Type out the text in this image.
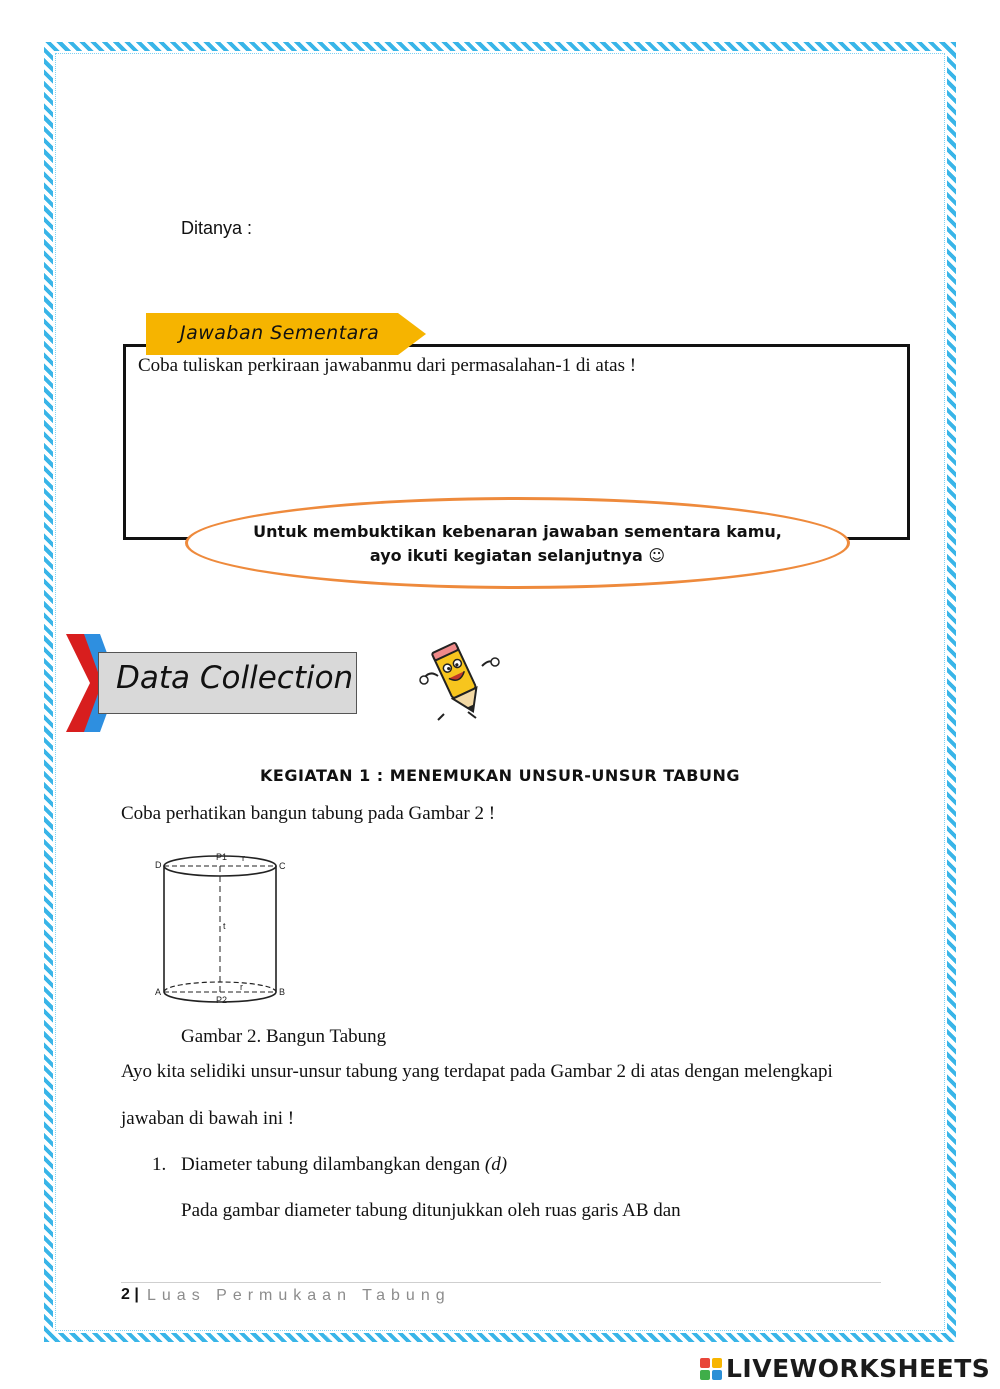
Ditanya :
Jawaban Sementara
Coba tuliskan perkiraan jawabanmu dari permasalahan-1 di atas !
Untuk membuktikan kebenaran jawaban sementara kamu,
ayo ikuti kegiatan selanjutnya ☺
Data Collection
KEGIATAN 1 : MENEMUKAN UNSUR-UNSUR TABUNG
Coba perhatikan bangun tabung pada Gambar 2 !
D	C
A	B
P1
P2
r
r
t
Gambar 2. Bangun Tabung
Ayo kita selidiki unsur-unsur tabung yang terdapat pada Gambar 2 di atas dengan melengkapi
jawaban di bawah ini !
1. Diameter tabung dilambangkan dengan (d)
Pada gambar diameter tabung ditunjukkan oleh ruas garis AB dan
2 | Luas Permukaan Tabung
LIVEWORKSHEETS
